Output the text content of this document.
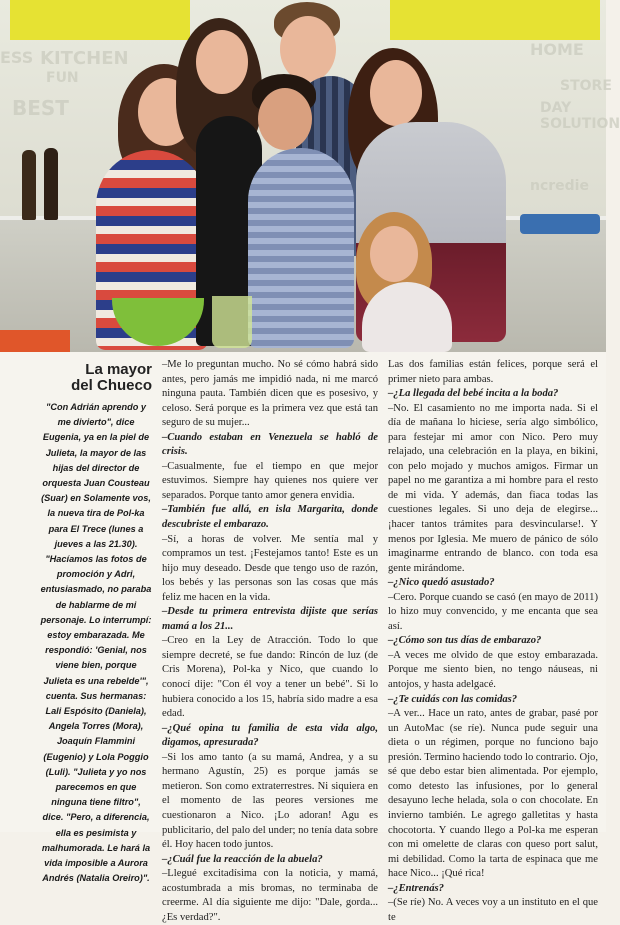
KITCHEN
FUN
BEST
ESS	HOME
STORE
DAY
SOLUTION
ncredie
La mayor
del Chueco

"Con Adrián aprendo y me divierto", dice Eugenia, ya en la piel de Julieta, la mayor de las hijas del director de orquesta Juan Cousteau (Suar) en Solamente vos, la nueva tira de Pol-ka para El Trece (lunes a jueves a las 21.30). "Hacíamos las fotos de promoción y Adri, entusiasmado, no paraba de hablarme de mi personaje. Lo interrumpí: estoy embarazada. Me respondió: 'Genial, nos viene bien, porque Julieta es una rebelde'", cuenta. Sus hermanas: Lali Espósito (Daniela), Angela Torres (Mora), Joaquín Flammini (Eugenio) y Lola Poggio (Luli). "Julieta y yo nos parecemos en que ninguna tiene filtro", dice. "Pero, a diferencia, ella es pesimista y malhumorada. Le hará la vida imposible a Aurora Andrés (Natalia Oreiro)".

–Me lo preguntan mucho. No sé cómo habrá sido antes, pero jamás me impidió nada, ni me marcó ninguna pauta. También dicen que es posesivo, y celoso. Será porque es la primera vez que está tan seguro de su mujer...

–Cuando estaban en Venezuela se habló de crisis.

–Casualmente, fue el tiempo en que mejor estuvimos. Siempre hay quienes nos quiere ver separados. Porque tanto amor genera envidia.

–También fue allá, en isla Margarita, donde descubriste el embarazo.

–Sí, a horas de volver. Me sentía mal y compramos un test. ¡Festejamos tanto! Este es un hijo muy deseado. Desde que tengo uso de razón, los bebés y las personas son las cosas que más feliz me hacen en la vida.

–Desde tu primera entrevista dijiste que serías mamá a los 21...

–Creo en la Ley de Atracción. Todo lo que siempre decreté, se fue dando: Rincón de luz (de Cris Morena), Pol-ka y Nico, que cuando lo conocí dije: "Con él voy a tener un bebé". Si lo hubiera conocido a los 15, habría sido madre a esa edad.

–¿Qué opina tu familia de esta vida algo, digamos, apresurada?

–Si los amo tanto (a su mamá, Andrea, y a su hermano Agustín, 25) es porque jamás se metieron. Son como extraterrestres. Ni siquiera en el momento de las peores versiones me cuestionaron a Nico. ¡Lo adoran! Agu es publicitario, del palo del under; no tenía data sobre él. Hoy hacen todo juntos.

–¿Cuál fue la reacción de la abuela?

–Llegué excitadísima con la noticia, y mamá, acostumbrada a mis bromas, no terminaba de creerme. Al día siguiente me dijo: "Dale, gorda... ¿Es verdad?".

Las dos familias están felices, porque será el primer nieto para ambas.

–¿La llegada del bebé incita a la boda?

–No. El casamiento no me importa nada. Si el día de mañana lo hiciese, sería algo simbólico, para festejar mi amor con Nico. Pero muy relajado, una celebración en la playa, en bikini, con pelo mojado y muchos amigos. Firmar un papel no me garantiza a mi hombre para el resto de mi vida. Y además, dan fiaca todas las cuestiones legales. Si uno deja de elegirse... ¡hacer tantos trámites para desvincularse!. Y menos por Iglesia. Me muero de pánico de sólo imaginarme entrando de blanco. con toda esa gente mirándome.

–¿Nico quedó asustado?

–Cero. Porque cuando se casó (en mayo de 2011) lo hizo muy convencido, y me encanta que sea así.

–¿Cómo son tus días de embarazo?

–A veces me olvido de que estoy embarazada. Porque me siento bien, no tengo náuseas, ni antojos, y hasta adelgacé.

–¿Te cuidás con las comidas?

–A ver... Hace un rato, antes de grabar, pasé por un AutoMac (se ríe). Nunca pude seguir una dieta o un régimen, porque no funciono bajo presión. Termino haciendo todo lo contrario. Ojo, sé que debo estar bien alimentada. Por ejemplo, como detesto las infusiones, por lo general desayuno leche helada, sola o con chocolate. En invierno también. Le agrego galletitas y hasta chocotorta. Y cuando llego a Pol-ka me esperan con mi omelette de claras con queso port salut, mi debilidad. Como la tarta de espinaca que me hace Nico... ¡Qué rica!

–¿Entrenás?

–(Se ríe) No. A veces voy a un instituto en el que te
